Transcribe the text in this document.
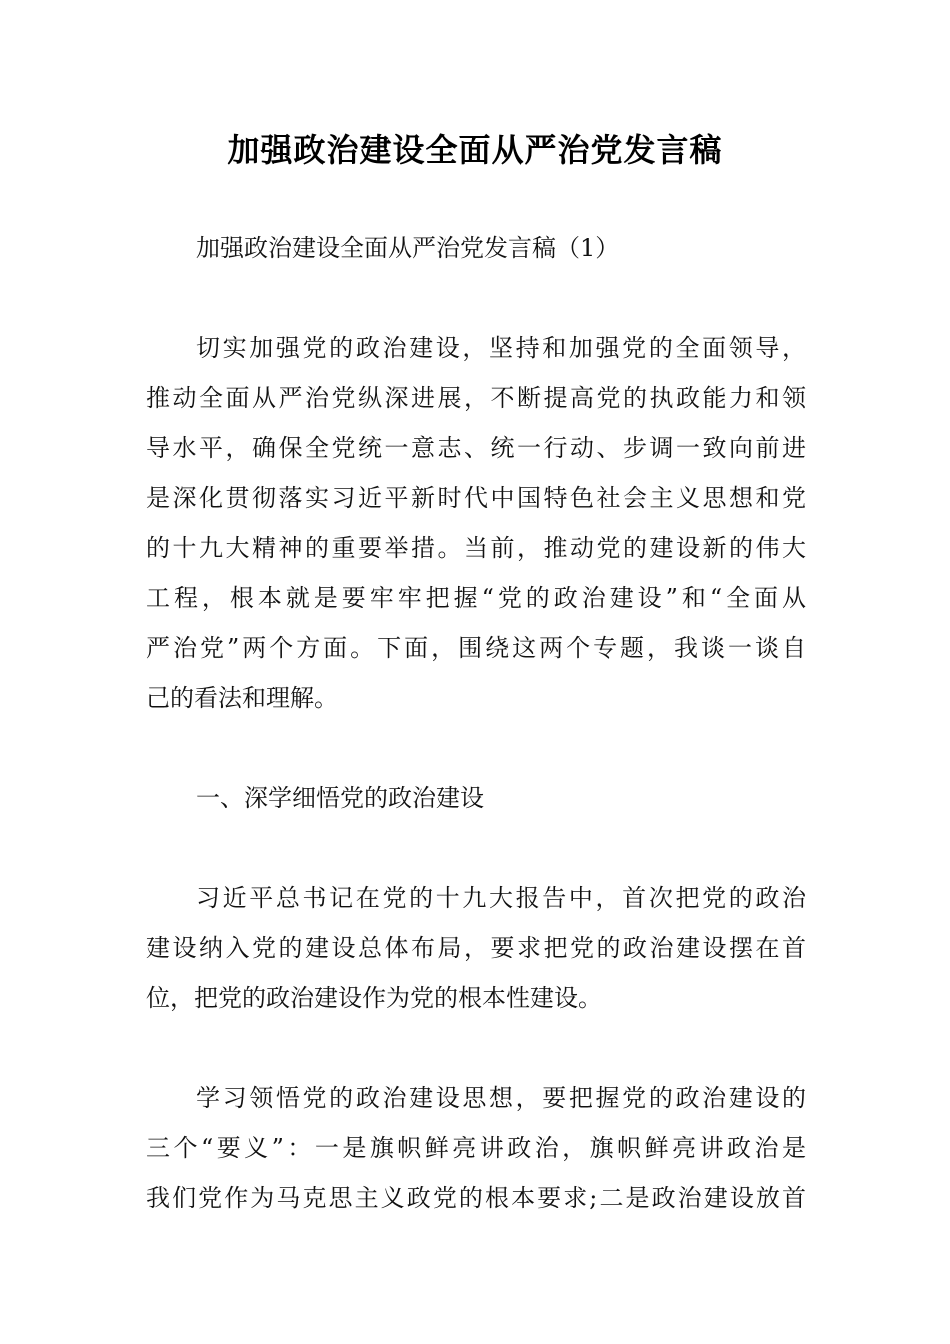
加强政治建设全面从严治党发言稿
加强政治建设全面从严治党发言稿（1）
切实加强党的政治建设，坚持和加强党的全面领导，
推动全面从严治党纵深进展，不断提高党的执政能力和领
导水平，确保全党统一意志、统一行动、步调一致向前进
是深化贯彻落实习近平新时代中国特色社会主义思想和党
的十九大精神的重要举措。当前，推动党的建设新的伟大
工程，根本就是要牢牢把握“党的政治建设”和“全面从
严治党”两个方面。下面，围绕这两个专题，我谈一谈自
己的看法和理解。
一、深学细悟党的政治建设
习近平总书记在党的十九大报告中，首次把党的政治
建设纳入党的建设总体布局，要求把党的政治建设摆在首
位，把党的政治建设作为党的根本性建设。
学习领悟党的政治建设思想，要把握党的政治建设的
三个“要义”：一是旗帜鲜亮讲政治，旗帜鲜亮讲政治是
我们党作为马克思主义政党的根本要求;二是政治建设放首
